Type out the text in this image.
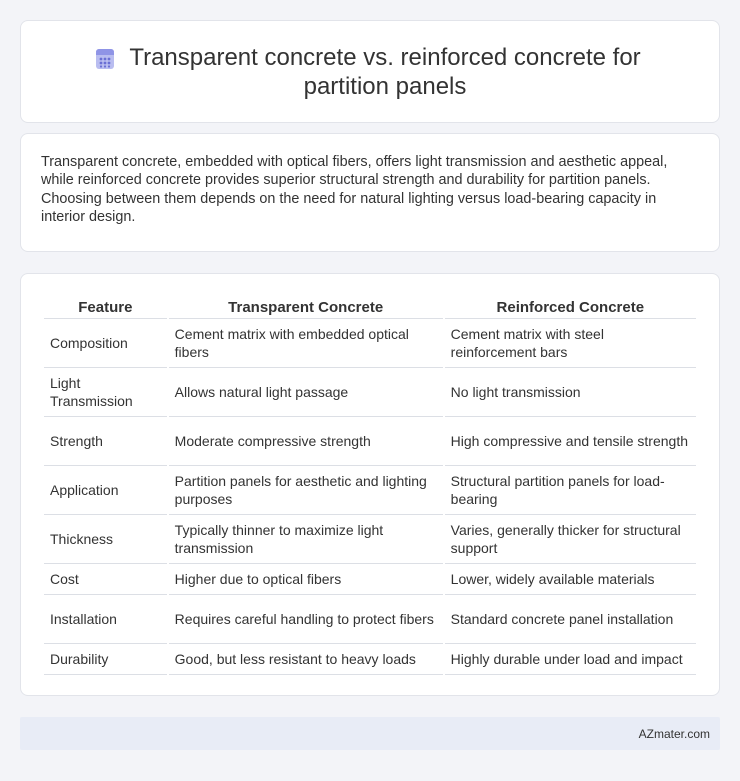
Transparent concrete vs. reinforced concrete for partition panels

Transparent concrete, embedded with optical fibers, offers light transmission and aesthetic appeal, while reinforced concrete provides superior structural strength and durability for partition panels. Choosing between them depends on the need for natural lighting versus load-bearing capacity in interior design.

Feature	Transparent Concrete	Reinforced Concrete
Composition	Cement matrix with embedded optical fibers	Cement matrix with steel reinforcement bars
Light Transmission	Allows natural light passage	No light transmission
Strength	Moderate compressive strength	High compressive and tensile strength
Application	Partition panels for aesthetic and lighting purposes	Structural partition panels for load-bearing
Thickness	Typically thinner to maximize light transmission	Varies, generally thicker for structural support
Cost	Higher due to optical fibers	Lower, widely available materials
Installation	Requires careful handling to protect fibers	Standard concrete panel installation
Durability	Good, but less resistant to heavy loads	Highly durable under load and impact
AZmater.com
